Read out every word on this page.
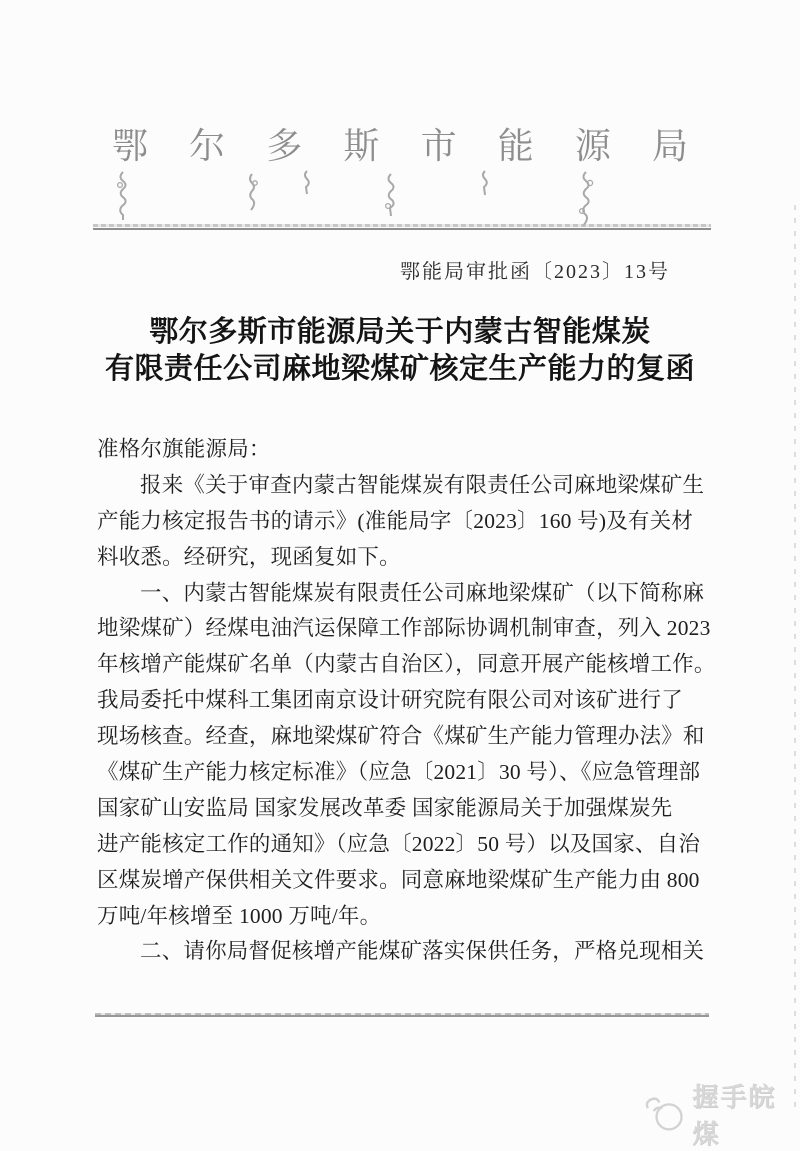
鄂 尔 多 斯 市 能 源 局
鄂能局审批函〔2023〕13号
鄂尔多斯市能源局关于内蒙古智能煤炭
有限责任公司麻地梁煤矿核定生产能力的复函
准格尔旗能源局：
报来《关于审查内蒙古智能煤炭有限责任公司麻地梁煤矿生
产能力核定报告书的请示》(准能局字〔2023〕160 号)及有关材
料收悉。经研究，现函复如下。
一、内蒙古智能煤炭有限责任公司麻地梁煤矿（以下简称麻
地梁煤矿）经煤电油汽运保障工作部际协调机制审查，列入 2023
年核增产能煤矿名单（内蒙古自治区），同意开展产能核增工作。
我局委托中煤科工集团南京设计研究院有限公司对该矿进行了
现场核查。经查，麻地梁煤矿符合《煤矿生产能力管理办法》和
《煤矿生产能力核定标准》（应急〔2021〕30 号）、《应急管理部
国家矿山安监局 国家发展改革委 国家能源局关于加强煤炭先
进产能核定工作的通知》（应急〔2022〕50 号）以及国家、自治
区煤炭增产保供相关文件要求。同意麻地梁煤矿生产能力由 800
万吨/年核增至 1000 万吨/年。
二、请你局督促核增产能煤矿落实保供任务，严格兑现相关
握手皖煤
